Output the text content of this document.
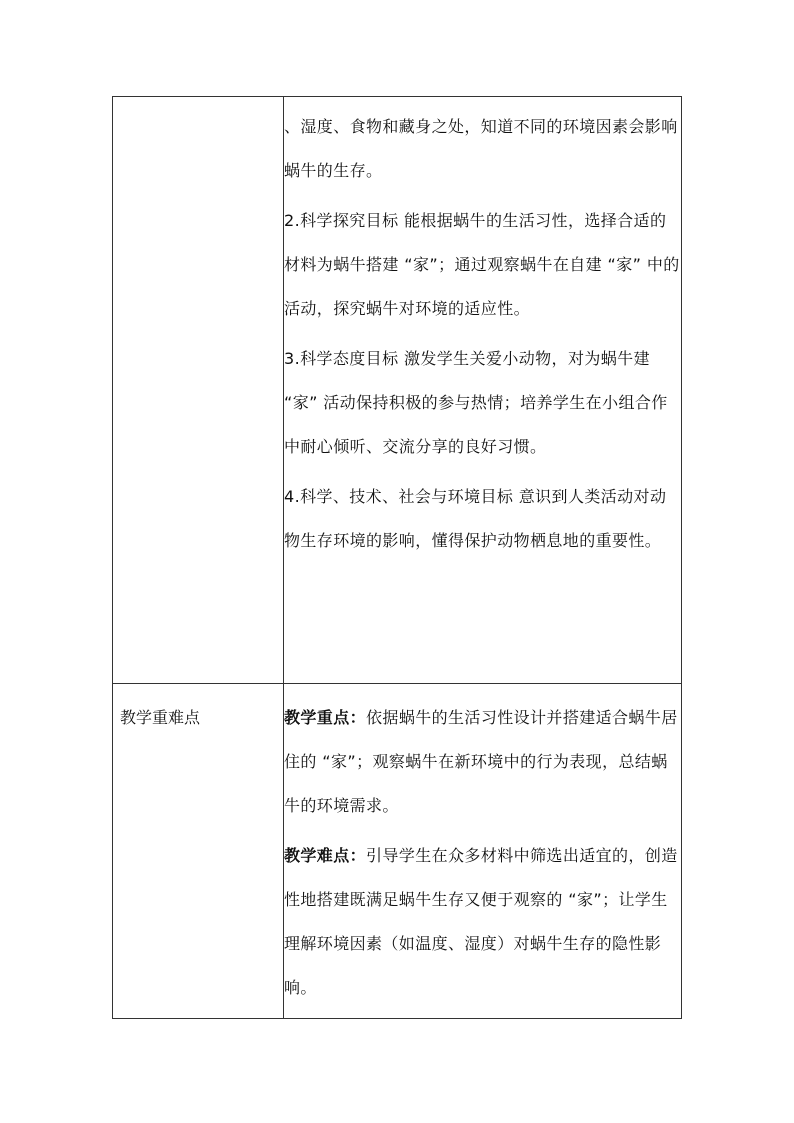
	、湿度、食物和藏身之处，知道不同的环境因素会影响蜗牛的生存。

2.科学探究目标 能根据蜗牛的生活习性，选择合适的材料为蜗牛搭建 “家”；通过观察蜗牛在自建 “家” 中的活动，探究蜗牛对环境的适应性。

3.科学态度目标 激发学生关爱小动物，对为蜗牛建 “家” 活动保持积极的参与热情；培养学生在小组合作中耐心倾听、交流分享的良好习惯。

4.科学、技术、社会与环境目标 意识到人类活动对动物生存环境的影响，懂得保护动物栖息地的重要性。

教学重难点	教学重点：依据蜗牛的生活习性设计并搭建适合蜗牛居住的 “家”；观察蜗牛在新环境中的行为表现，总结蜗牛的环境需求。

教学难点：引导学生在众多材料中筛选出适宜的，创造性地搭建既满足蜗牛生存又便于观察的 “家”；让学生理解环境因素（如温度、湿度）对蜗牛生存的隐性影响。
